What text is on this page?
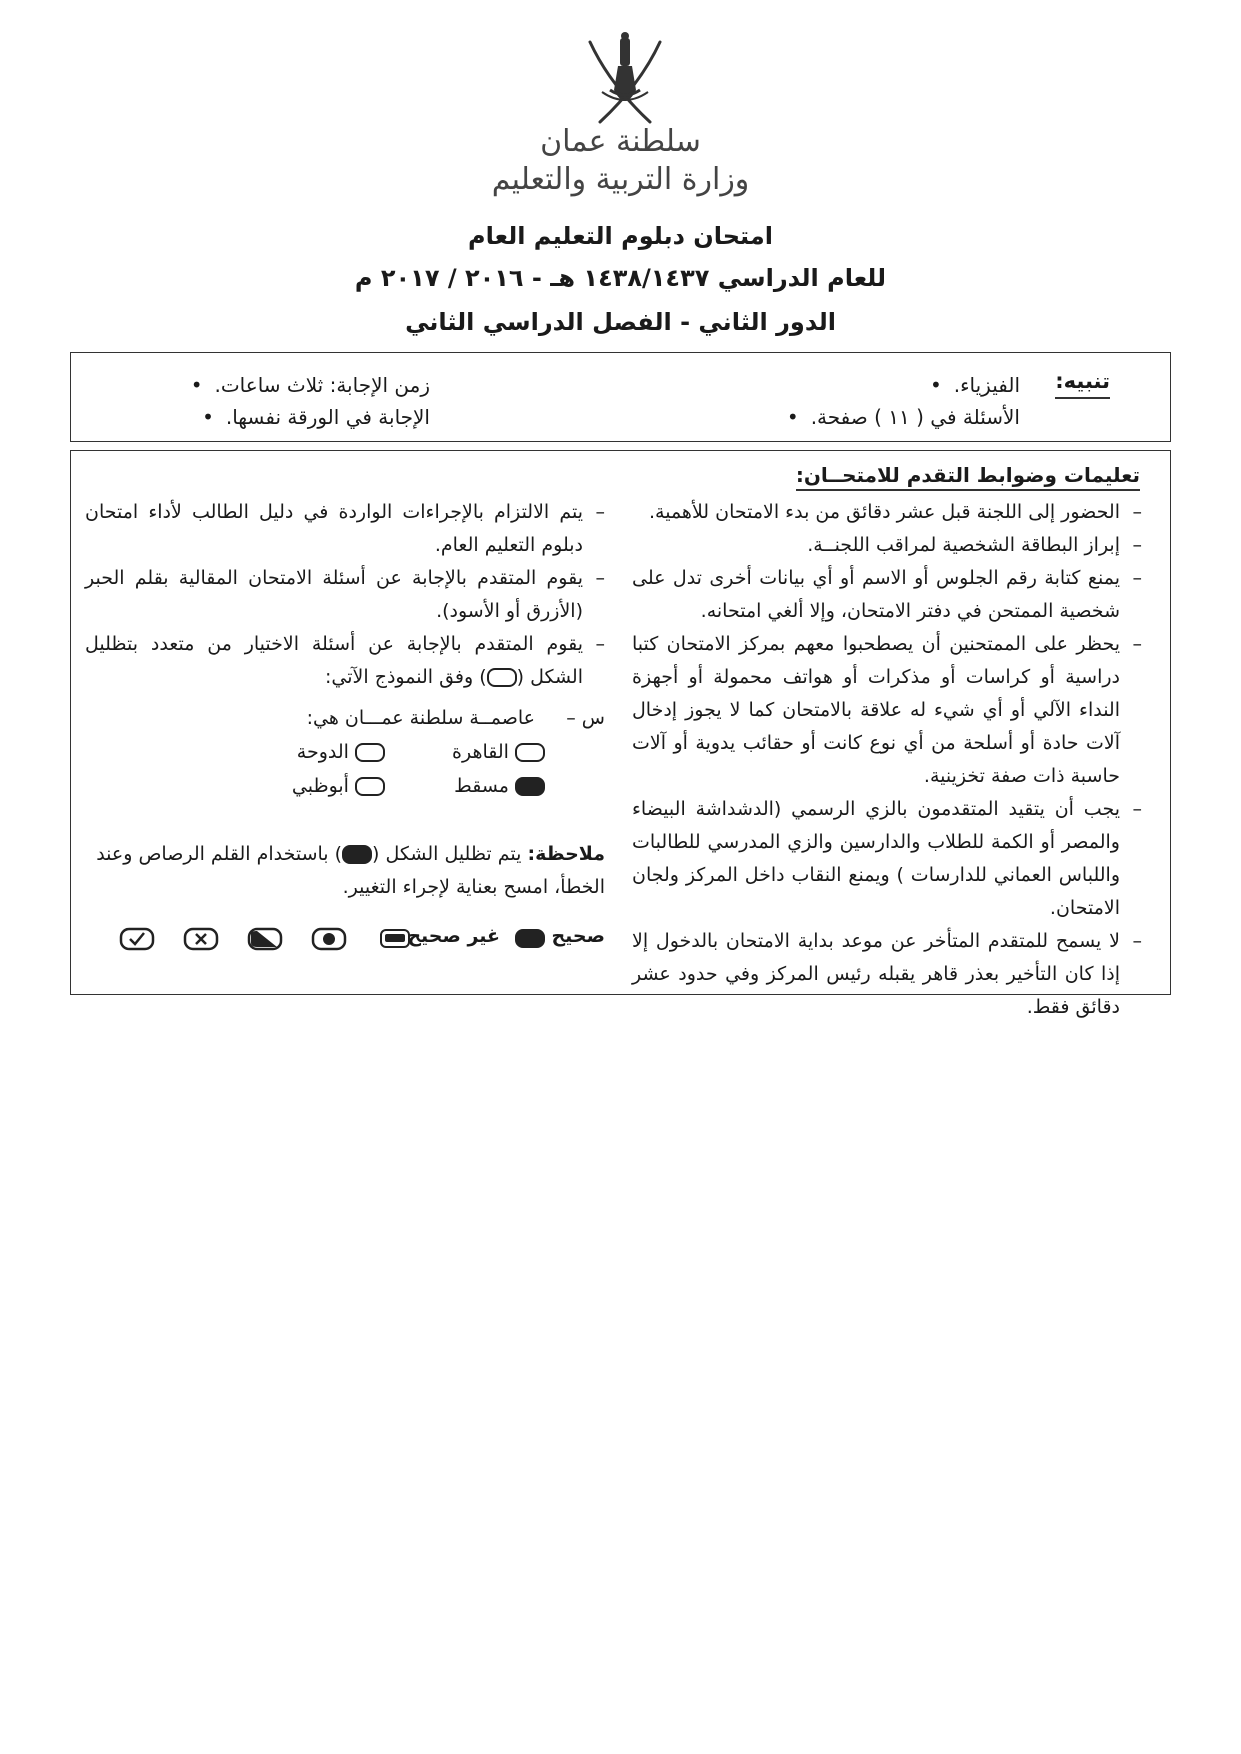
سلطنة عمان
وزارة التربية والتعليم
امتحان دبلوم التعليم العام
للعام الدراسي ١٤٣٨/١٤٣٧ هـ - ٢٠١٦ / ٢٠١٧ م
الدور الثاني - الفصل الدراسي الثاني
تنبيه:
الفيزياء. •
الأسئلة في ( ١١ ) صفحة. •
زمن الإجابة: ثلاث ساعات. •
الإجابة في الورقة نفسها. •
تعليمات وضوابط التقدم للامتحــان:

– الحضور إلى اللجنة قبل عشر دقائق من بدء الامتحان للأهمية.

– إبراز البطاقة الشخصية لمراقب اللجنــة.

– يمنع كتابة رقم الجلوس أو الاسم أو أي بيانات أخرى تدل على شخصية الممتحن في دفتر الامتحان، وإلا ألغي امتحانه.

– يحظر على الممتحنين أن يصطحبوا معهم بمركز الامتحان كتبا دراسية أو كراسات أو مذكرات أو هواتف محمولة أو أجهزة النداء الآلي أو أي شيء له علاقة بالامتحان كما لا يجوز إدخال آلات حادة أو أسلحة من أي نوع كانت أو حقائب يدوية أو آلات حاسبة ذات صفة تخزينية.

– يجب أن يتقيد المتقدمون بالزي الرسمي (الدشداشة البيضاء والمصر أو الكمة للطلاب والدارسين والزي المدرسي للطالبات واللباس العماني للدارسات ) ويمنع النقاب داخل المركز ولجان الامتحان.

– لا يسمح للمتقدم المتأخر عن موعد بداية الامتحان بالدخول إلا إذا كان التأخير بعذر قاهر يقبله رئيس المركز وفي حدود عشر دقائق فقط.

– يتم الالتزام بالإجراءات الواردة في دليل الطالب لأداء امتحان دبلوم التعليم العام.

– يقوم المتقدم بالإجابة عن أسئلة الامتحان المقالية بقلم الحبر (الأزرق أو الأسود).

– يقوم المتقدم بالإجابة عن أسئلة الاختيار من متعدد بتظليل الشكل () وفق النموذج الآتي:

س –
عاصمــة سلطنة عمـــان هي:
القاهرة
الدوحة
مسقط
أبوظبي
ملاحظة: يتم تظليل الشكل () باستخدام القلم الرصاص وعند الخطأ، امسح بعناية لإجراء التغيير.
صحيح
غير صحيح
